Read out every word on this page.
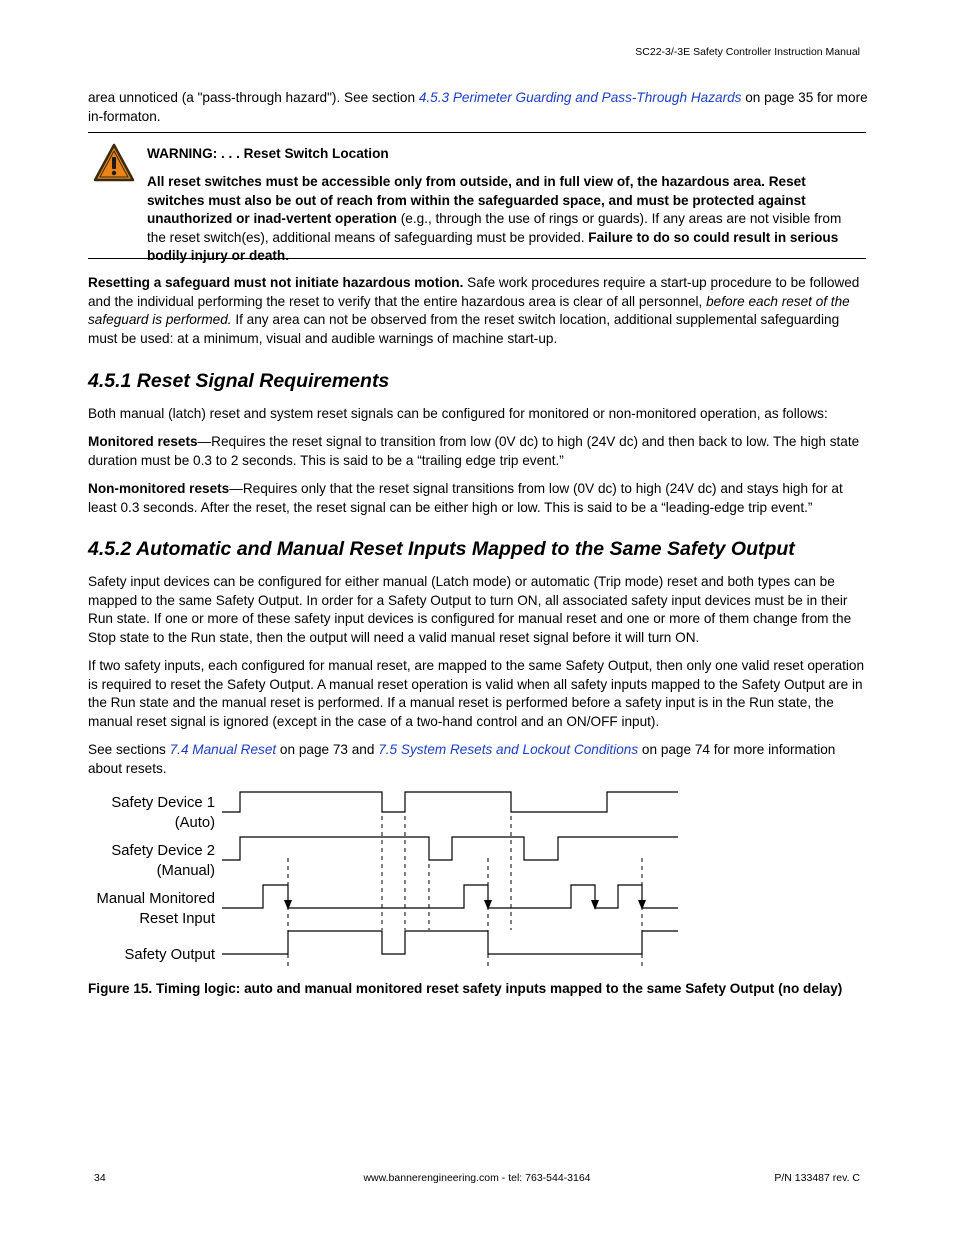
SC22-3/-3E Safety Controller Instruction Manual

area unnoticed (a "pass-through hazard"). See section 4.5.3 Perimeter Guarding and Pass-Through Hazards on page 35 for more in-formaton.

WARNING: . . . Reset Switch Location

All reset switches must be accessible only from outside, and in full view of, the hazardous area. Reset switches must also be out of reach from within the safeguarded space, and must be protected against unauthorized or inad-vertent operation (e.g., through the use of rings or guards). If any areas are not visible from the reset switch(es), additional means of safeguarding must be provided. Failure to do so could result in serious bodily injury or death.

Resetting a safeguard must not initiate hazardous motion. Safe work procedures require a start-up procedure to be followed and the individual performing the reset to verify that the entire hazardous area is clear of all personnel, before each reset of the safeguard is performed. If any area can not be observed from the reset switch location, additional supplemental safeguarding must be used: at a minimum, visual and audible warnings of machine start-up.

4.5.1 Reset Signal Requirements

Both manual (latch) reset and system reset signals can be configured for monitored or non-monitored operation, as follows:

Monitored resets—Requires the reset signal to transition from low (0V dc) to high (24V dc) and then back to low. The high state duration must be 0.3 to 2 seconds. This is said to be a “trailing edge trip event.”

Non-monitored resets—Requires only that the reset signal transitions from low (0V dc) to high (24V dc) and stays high for at least 0.3 seconds. After the reset, the reset signal can be either high or low. This is said to be a “leading-edge trip event.”

4.5.2 Automatic and Manual Reset Inputs Mapped to the Same Safety Output

Safety input devices can be configured for either manual (Latch mode) or automatic (Trip mode) reset and both types can be mapped to the same Safety Output. In order for a Safety Output to turn ON, all associated safety input devices must be in their Run state. If one or more of these safety input devices is configured for manual reset and one or more of them change from the Stop state to the Run state, then the output will need a valid manual reset signal before it will turn ON.

If two safety inputs, each configured for manual reset, are mapped to the same Safety Output, then only one valid reset operation is required to reset the Safety Output. A manual reset operation is valid when all safety inputs mapped to the Safety Output are in the Run state and the manual reset is performed. If a manual reset is performed before a safety input is in the Run state, the manual reset signal is ignored (except in the case of a two-hand control and an ON/OFF input).

See sections 7.4 Manual Reset on page 73 and 7.5 System Resets and Lockout Conditions on page 74 for more information about resets.

Safety Device 1
(Auto)
Safety Device 2
(Manual)
Manual Monitored
Reset Input
Safety Output
Figure 15. Timing logic: auto and manual monitored reset safety inputs mapped to the same Safety Output (no delay)
34	www.bannerengineering.com - tel: 763-544-3164	P/N 133487 rev. C
